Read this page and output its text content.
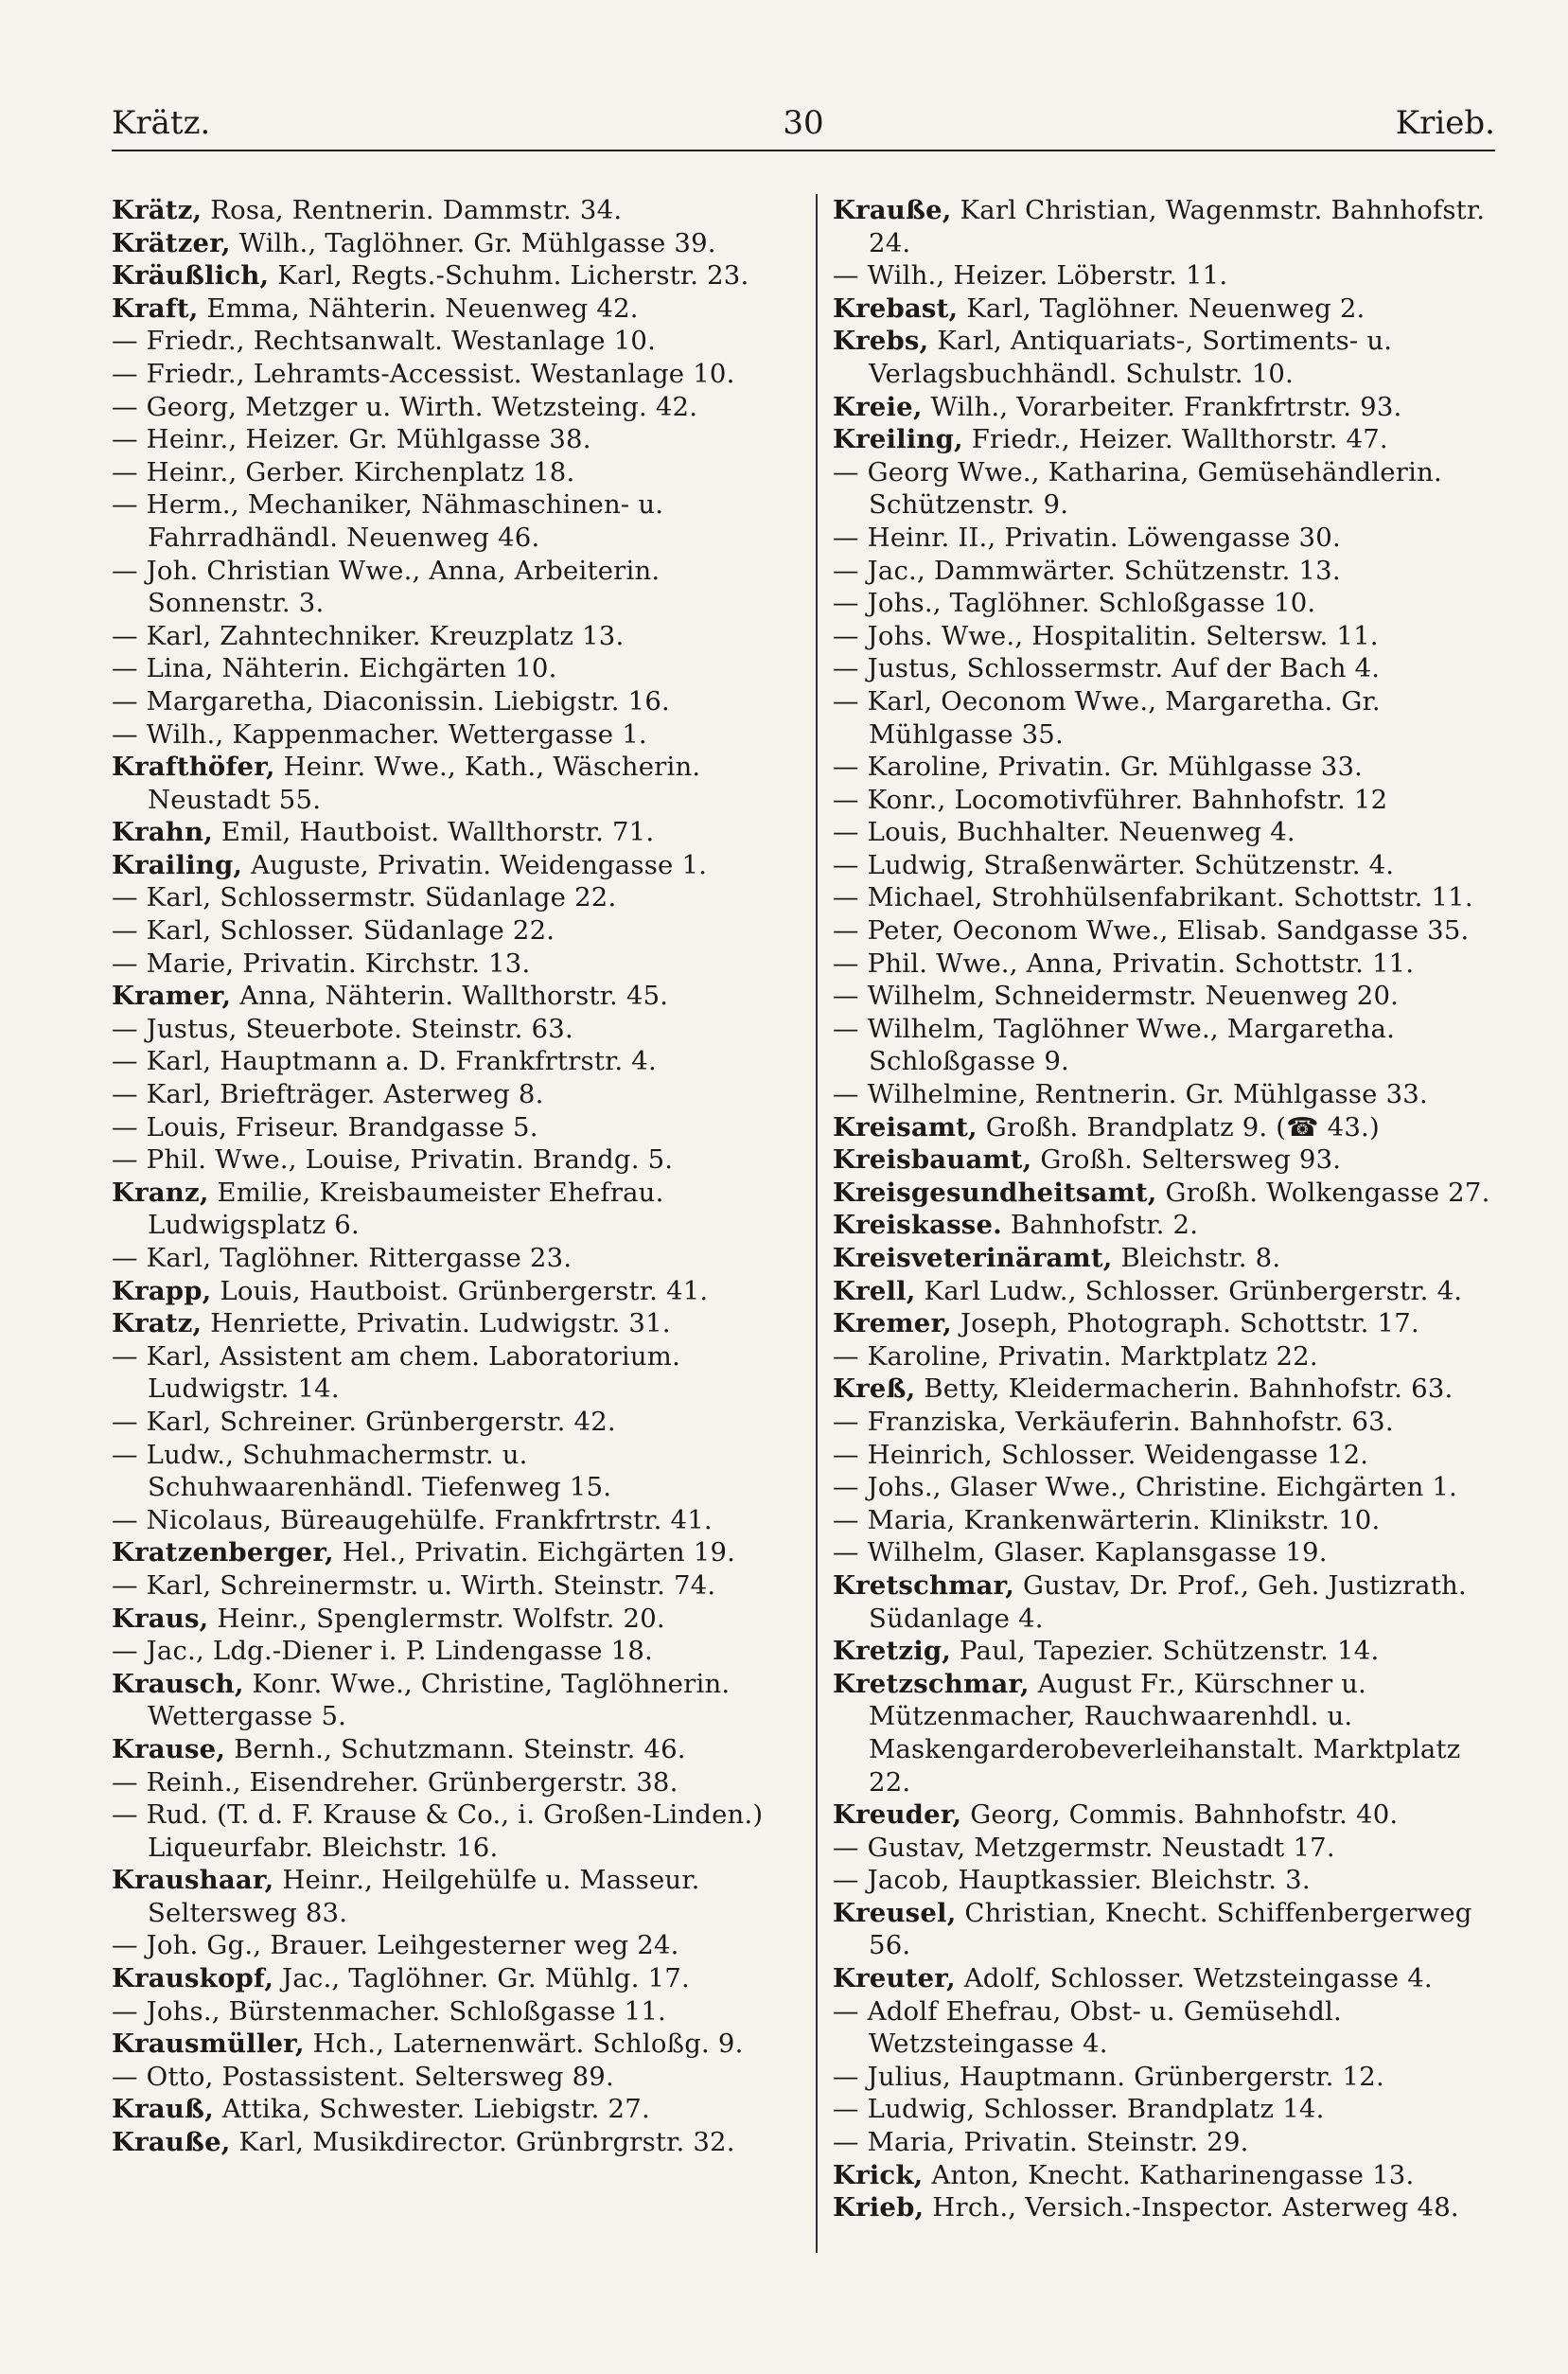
Krätz.	30	Krieb.
Krätz, Rosa, Rentnerin. Dammstr. 34.
Krätzer, Wilh., Taglöhner. Gr. Mühlgasse 39.
Kräußlich, Karl, Regts.-Schuhm. Licherstr. 23.
Kraft, Emma, Nähterin. Neuenweg 42.
— Friedr., Rechtsanwalt. Westanlage 10.
— Friedr., Lehramts-Accessist. Westanlage 10.
— Georg, Metzger u. Wirth. Wetzsteing. 42.
— Heinr., Heizer. Gr. Mühlgasse 38.
— Heinr., Gerber. Kirchenplatz 18.
— Herm., Mechaniker, Nähmaschinen- u. Fahrradhändl. Neuenweg 46.
— Joh. Christian Wwe., Anna, Arbeiterin. Sonnenstr. 3.
— Karl, Zahntechniker. Kreuzplatz 13.
— Lina, Nähterin. Eichgärten 10.
— Margaretha, Diaconissin. Liebigstr. 16.
— Wilh., Kappenmacher. Wettergasse 1.
Krafthöfer, Heinr. Wwe., Kath., Wäscherin. Neustadt 55.
Krahn, Emil, Hautboist. Wallthorstr. 71.
Krailing, Auguste, Privatin. Weidengasse 1.
— Karl, Schlossermstr. Südanlage 22.
— Karl, Schlosser. Südanlage 22.
— Marie, Privatin. Kirchstr. 13.
Kramer, Anna, Nähterin. Wallthorstr. 45.
— Justus, Steuerbote. Steinstr. 63.
— Karl, Hauptmann a. D. Frankfrtrstr. 4.
— Karl, Briefträger. Asterweg 8.
— Louis, Friseur. Brandgasse 5.
— Phil. Wwe., Louise, Privatin. Brandg. 5.
Kranz, Emilie, Kreisbaumeister Ehefrau. Ludwigsplatz 6.
— Karl, Taglöhner. Rittergasse 23.
Krapp, Louis, Hautboist. Grünbergerstr. 41.
Kratz, Henriette, Privatin. Ludwigstr. 31.
— Karl, Assistent am chem. Laboratorium. Ludwigstr. 14.
— Karl, Schreiner. Grünbergerstr. 42.
— Ludw., Schuhmachermstr. u. Schuhwaarenhändl. Tiefenweg 15.
— Nicolaus, Büreaugehülfe. Frankfrtrstr. 41.
Kratzenberger, Hel., Privatin. Eichgärten 19.
— Karl, Schreinermstr. u. Wirth. Steinstr. 74.
Kraus, Heinr., Spenglermstr. Wolfstr. 20.
— Jac., Ldg.-Diener i. P. Lindengasse 18.
Krausch, Konr. Wwe., Christine, Taglöhnerin. Wettergasse 5.
Krause, Bernh., Schutzmann. Steinstr. 46.
— Reinh., Eisendreher. Grünbergerstr. 38.
— Rud. (T. d. F. Krause & Co., i. Großen-Linden.) Liqueurfabr. Bleichstr. 16.
Kraushaar, Heinr., Heilgehülfe u. Masseur. Seltersweg 83.
— Joh. Gg., Brauer. Leihgesterner weg 24.
Krauskopf, Jac., Taglöhner. Gr. Mühlg. 17.
— Johs., Bürstenmacher. Schloßgasse 11.
Krausmüller, Hch., Laternenwärt. Schloßg. 9.
— Otto, Postassistent. Seltersweg 89.
Krauß, Attika, Schwester. Liebigstr. 27.
Krauße, Karl, Musikdirector. Grünbrgrstr. 32.
Krauße, Karl Christian, Wagenmstr. Bahnhofstr. 24.
— Wilh., Heizer. Löberstr. 11.
Krebast, Karl, Taglöhner. Neuenweg 2.
Krebs, Karl, Antiquariats-, Sortiments- u. Verlagsbuchhändl. Schulstr. 10.
Kreie, Wilh., Vorarbeiter. Frankfrtrstr. 93.
Kreiling, Friedr., Heizer. Wallthorstr. 47.
— Georg Wwe., Katharina, Gemüsehändlerin. Schützenstr. 9.
— Heinr. II., Privatin. Löwengasse 30.
— Jac., Dammwärter. Schützenstr. 13.
— Johs., Taglöhner. Schloßgasse 10.
— Johs. Wwe., Hospitalitin. Seltersw. 11.
— Justus, Schlossermstr. Auf der Bach 4.
— Karl, Oeconom Wwe., Margaretha. Gr. Mühlgasse 35.
— Karoline, Privatin. Gr. Mühlgasse 33.
— Konr., Locomotivführer. Bahnhofstr. 12
— Louis, Buchhalter. Neuenweg 4.
— Ludwig, Straßenwärter. Schützenstr. 4.
— Michael, Strohhülsenfabrikant. Schottstr. 11.
— Peter, Oeconom Wwe., Elisab. Sandgasse 35.
— Phil. Wwe., Anna, Privatin. Schottstr. 11.
— Wilhelm, Schneidermstr. Neuenweg 20.
— Wilhelm, Taglöhner Wwe., Margaretha. Schloßgasse 9.
— Wilhelmine, Rentnerin. Gr. Mühlgasse 33.
Kreisamt, Großh. Brandplatz 9. (☎ 43.)
Kreisbauamt, Großh. Seltersweg 93.
Kreisgesundheitsamt, Großh. Wolkengasse 27.
Kreiskasse. Bahnhofstr. 2.
Kreisveterinäramt, Bleichstr. 8.
Krell, Karl Ludw., Schlosser. Grünbergerstr. 4.
Kremer, Joseph, Photograph. Schottstr. 17.
— Karoline, Privatin. Marktplatz 22.
Kreß, Betty, Kleidermacherin. Bahnhofstr. 63.
— Franziska, Verkäuferin. Bahnhofstr. 63.
— Heinrich, Schlosser. Weidengasse 12.
— Johs., Glaser Wwe., Christine. Eichgärten 1.
— Maria, Krankenwärterin. Klinikstr. 10.
— Wilhelm, Glaser. Kaplansgasse 19.
Kretschmar, Gustav, Dr. Prof., Geh. Justizrath. Südanlage 4.
Kretzig, Paul, Tapezier. Schützenstr. 14.
Kretzschmar, August Fr., Kürschner u. Mützenmacher, Rauchwaarenhdl. u. Maskengarderobeverleihanstalt. Marktplatz 22.
Kreuder, Georg, Commis. Bahnhofstr. 40.
— Gustav, Metzgermstr. Neustadt 17.
— Jacob, Hauptkassier. Bleichstr. 3.
Kreusel, Christian, Knecht. Schiffenbergerweg 56.
Kreuter, Adolf, Schlosser. Wetzsteingasse 4.
— Adolf Ehefrau, Obst- u. Gemüsehdl. Wetzsteingasse 4.
— Julius, Hauptmann. Grünbergerstr. 12.
— Ludwig, Schlosser. Brandplatz 14.
— Maria, Privatin. Steinstr. 29.
Krick, Anton, Knecht. Katharinengasse 13.
Krieb, Hrch., Versich.-Inspector. Asterweg 48.
